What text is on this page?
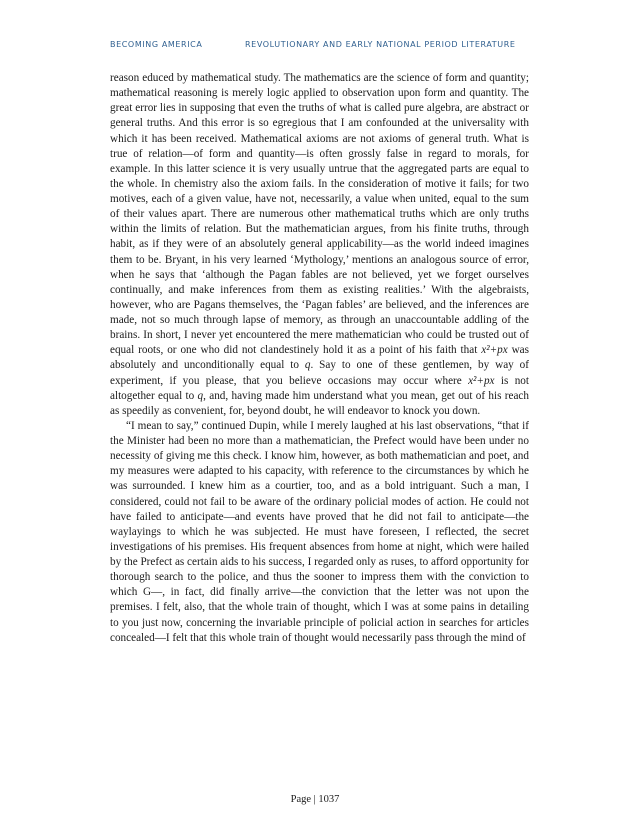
BECOMING AMERICA	REVOLUTIONARY AND EARLY NATIONAL PERIOD LITERATURE

reason educed by mathematical study. The mathematics are the science of form and quantity; mathematical reasoning is merely logic applied to observation upon form and quantity. The great error lies in supposing that even the truths of what is called pure algebra, are abstract or general truths. And this error is so egregious that I am confounded at the universality with which it has been received. Mathematical axioms are not axioms of general truth. What is true of relation—of form and quantity—is often grossly false in regard to morals, for example. In this latter science it is very usually untrue that the aggregated parts are equal to the whole. In chemistry also the axiom fails. In the consideration of motive it fails; for two motives, each of a given value, have not, necessarily, a value when united, equal to the sum of their values apart. There are numerous other mathematical truths which are only truths within the limits of relation. But the mathematician argues, from his finite truths, through habit, as if they were of an absolutely general applicability—as the world indeed imagines them to be. Bryant, in his very learned ‘Mythology,’ mentions an analogous source of error, when he says that ‘although the Pagan fables are not believed, yet we forget ourselves continually, and make inferences from them as existing realities.’ With the algebraists, however, who are Pagans themselves, the ‘Pagan fables’ are believed, and the inferences are made, not so much through lapse of memory, as through an unaccountable addling of the brains. In short, I never yet encountered the mere mathematician who could be trusted out of equal roots, or one who did not clandestinely hold it as a point of his faith that x²+px was absolutely and unconditionally equal to q. Say to one of these gentlemen, by way of experiment, if you please, that you believe occasions may occur where x²+px is not altogether equal to q, and, having made him understand what you mean, get out of his reach as speedily as convenient, for, beyond doubt, he will endeavor to knock you down.

“I mean to say,” continued Dupin, while I merely laughed at his last observations, “that if the Minister had been no more than a mathematician, the Prefect would have been under no necessity of giving me this check. I know him, however, as both mathematician and poet, and my measures were adapted to his capacity, with reference to the circumstances by which he was surrounded. I knew him as a courtier, too, and as a bold intriguant. Such a man, I considered, could not fail to be aware of the ordinary policial modes of action. He could not have failed to anticipate—and events have proved that he did not fail to anticipate—the waylayings to which he was subjected. He must have foreseen, I reflected, the secret investigations of his premises. His frequent absences from home at night, which were hailed by the Prefect as certain aids to his success, I regarded only as ruses, to afford opportunity for thorough search to the police, and thus the sooner to impress them with the conviction to which G—, in fact, did finally arrive—the conviction that the letter was not upon the premises. I felt, also, that the whole train of thought, which I was at some pains in detailing to you just now, concerning the invariable principle of policial action in searches for articles concealed—I felt that this whole train of thought would necessarily pass through the mind of

Page | 1037
